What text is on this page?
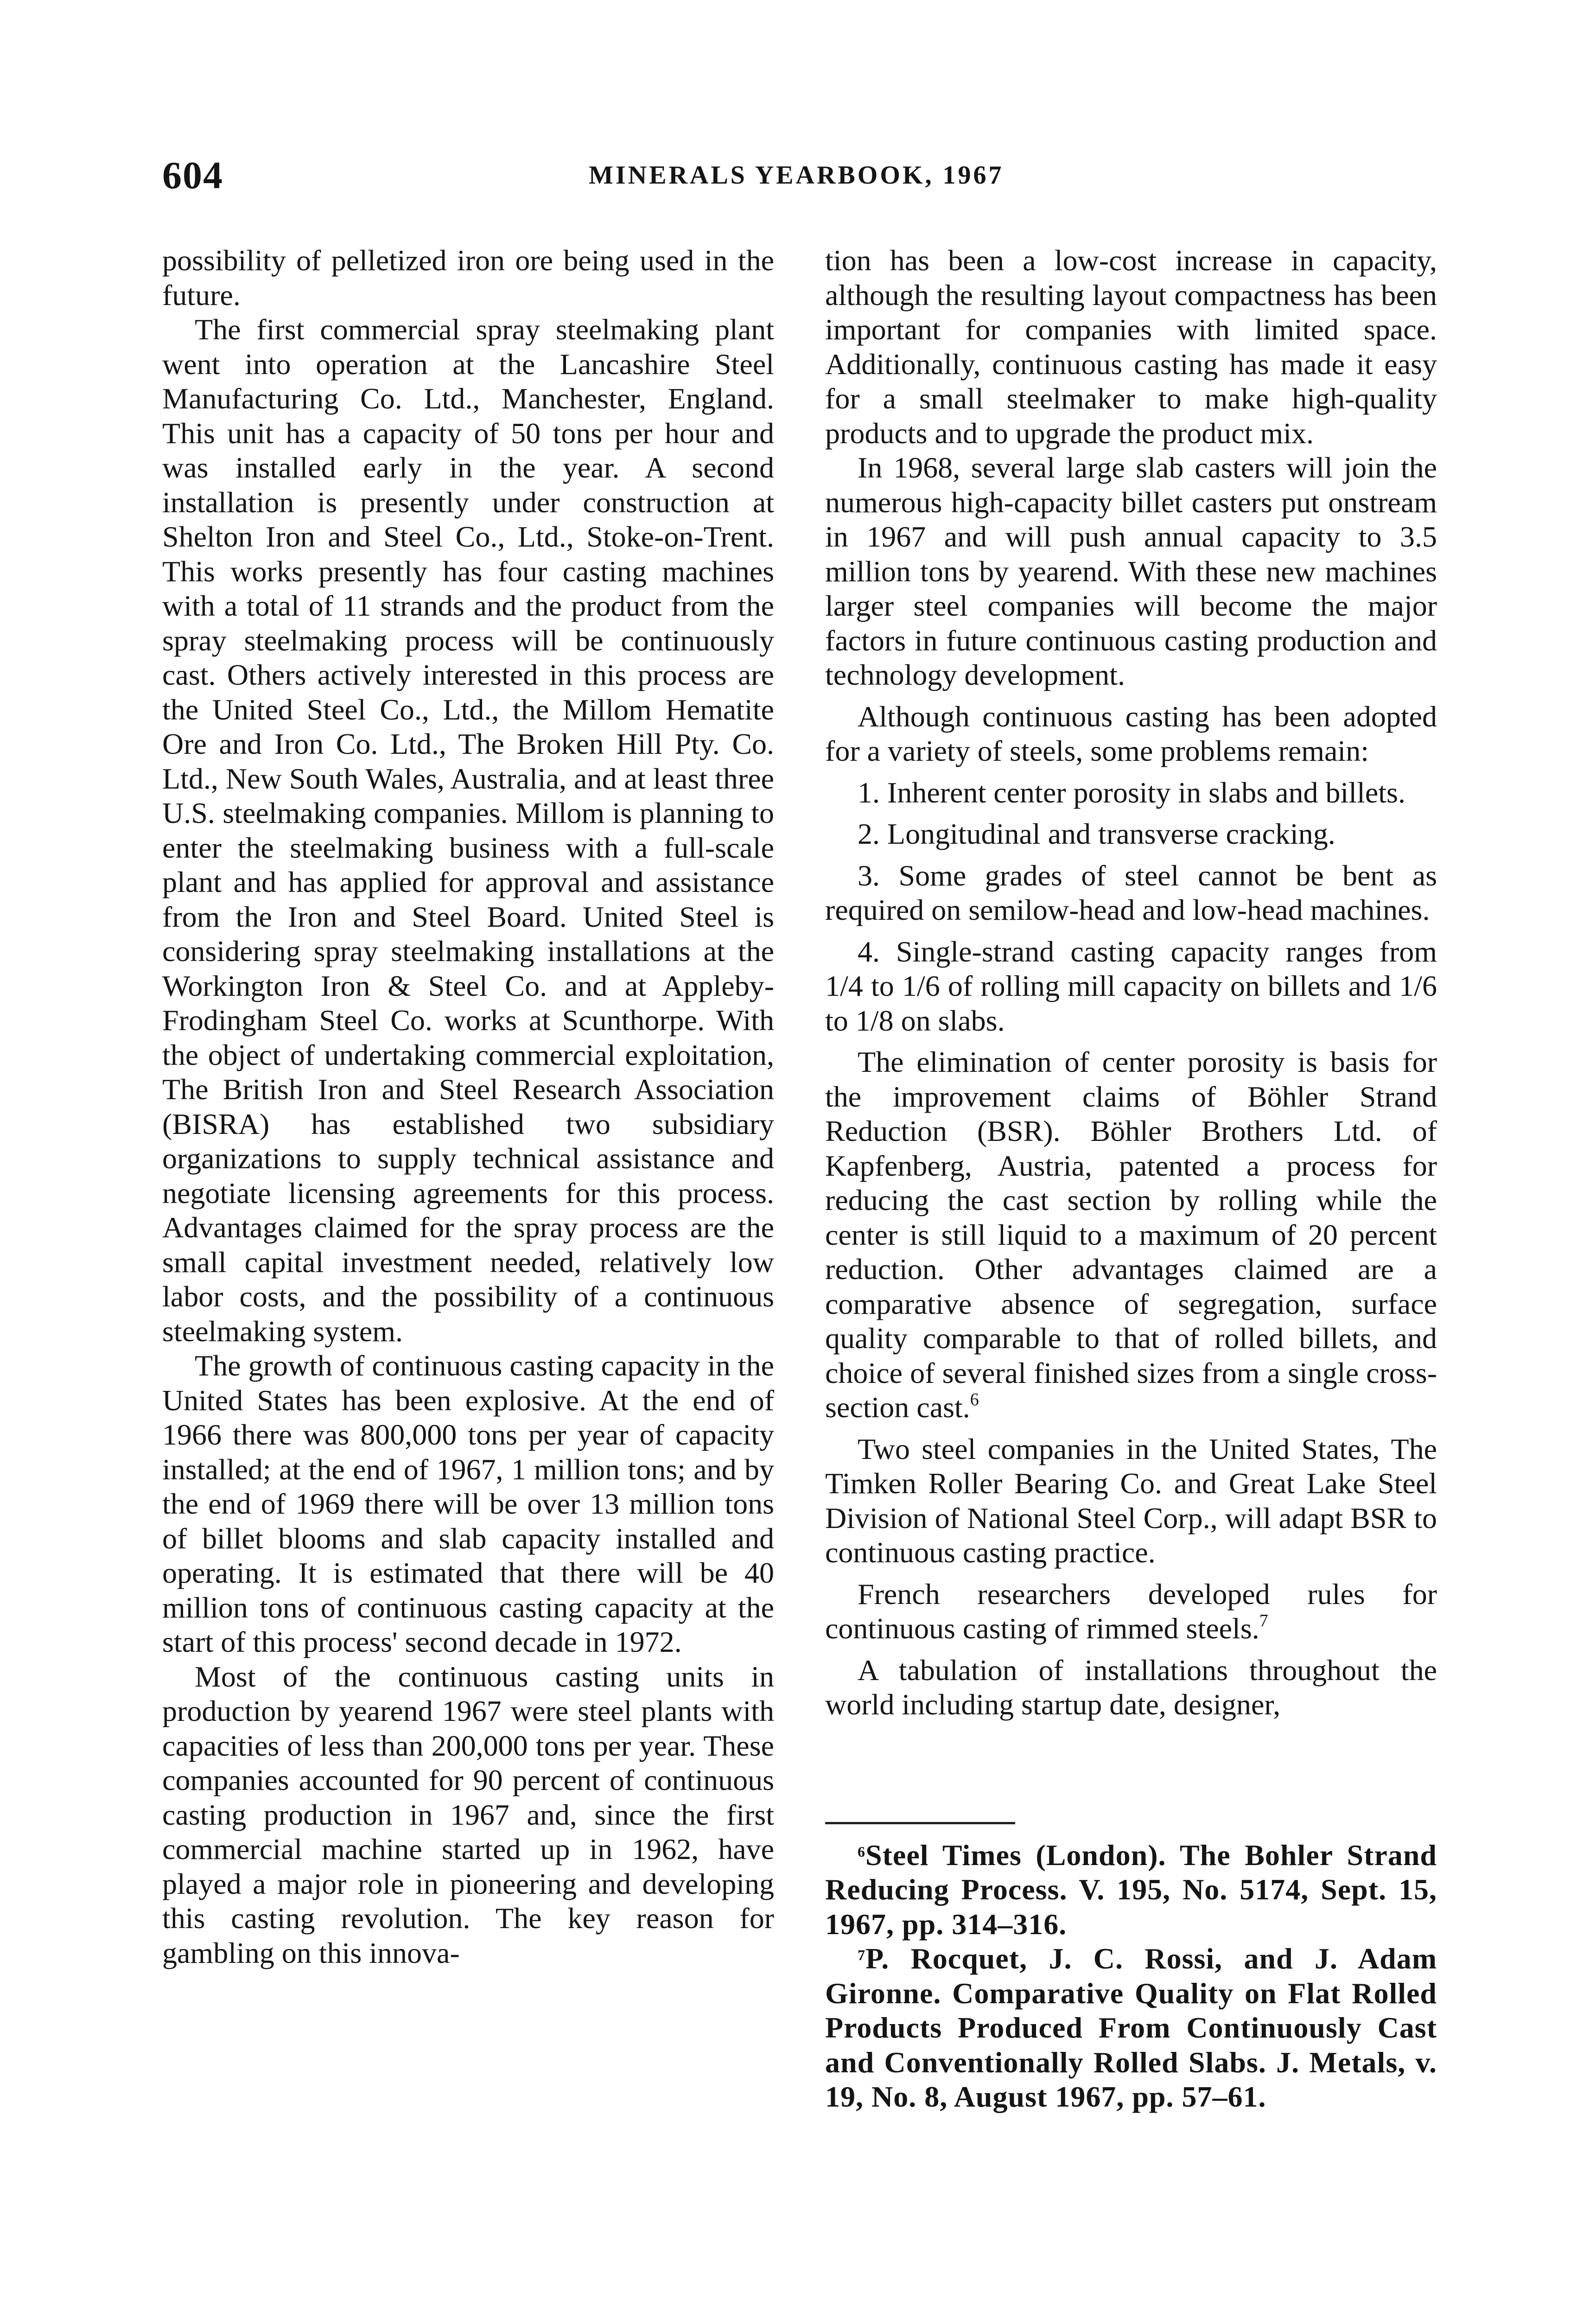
604	MINERALS YEARBOOK, 1967

possibility of pelletized iron ore being used in the future.

The first commercial spray steelmaking plant went into operation at the Lancashire Steel Manufacturing Co. Ltd., Manchester, England. This unit has a capacity of 50 tons per hour and was installed early in the year. A second installation is presently under construction at Shelton Iron and Steel Co., Ltd., Stoke-on-Trent. This works presently has four casting machines with a total of 11 strands and the product from the spray steelmaking process will be continuously cast. Others actively interested in this process are the United Steel Co., Ltd., the Millom Hematite Ore and Iron Co. Ltd., The Broken Hill Pty. Co. Ltd., New South Wales, Australia, and at least three U.S. steelmaking companies. Millom is planning to enter the steelmaking business with a full-scale plant and has applied for approval and assistance from the Iron and Steel Board. United Steel is considering spray steelmaking installations at the Workington Iron & Steel Co. and at Appleby-Frodingham Steel Co. works at Scunthorpe. With the object of undertaking commercial exploitation, The British Iron and Steel Research Association (BISRA) has established two subsidiary organizations to supply technical assistance and negotiate licensing agreements for this process. Advantages claimed for the spray process are the small capital investment needed, relatively low labor costs, and the possibility of a continuous steelmaking system.

The growth of continuous casting capacity in the United States has been explosive. At the end of 1966 there was 800,000 tons per year of capacity installed; at the end of 1967, 1 million tons; and by the end of 1969 there will be over 13 million tons of billet blooms and slab capacity installed and operating. It is estimated that there will be 40 million tons of continuous casting capacity at the start of this process' second decade in 1972.

Most of the continuous casting units in production by yearend 1967 were steel plants with capacities of less than 200,000 tons per year. These companies accounted for 90 percent of continuous casting production in 1967 and, since the first commercial machine started up in 1962, have played a major role in pioneering and developing this casting revolution. The key reason for gambling on this innova-

tion has been a low-cost increase in capacity, although the resulting layout compactness has been important for companies with limited space. Additionally, continuous casting has made it easy for a small steelmaker to make high-quality products and to upgrade the product mix.

In 1968, several large slab casters will join the numerous high-capacity billet casters put onstream in 1967 and will push annual capacity to 3.5 million tons by yearend. With these new machines larger steel companies will become the major factors in future continuous casting production and technology development.

Although continuous casting has been adopted for a variety of steels, some problems remain:

1. Inherent center porosity in slabs and billets.

2. Longitudinal and transverse cracking.

3. Some grades of steel cannot be bent as required on semilow-head and low-head machines.

4. Single-strand casting capacity ranges from 1/4 to 1/6 of rolling mill capacity on billets and 1/6 to 1/8 on slabs.

The elimination of center porosity is basis for the improvement claims of Böhler Strand Reduction (BSR). Böhler Brothers Ltd. of Kapfenberg, Austria, patented a process for reducing the cast section by rolling while the center is still liquid to a maximum of 20 percent reduction. Other advantages claimed are a comparative absence of segregation, surface quality comparable to that of rolled billets, and choice of several finished sizes from a single cross-section cast.$^6$

Two steel companies in the United States, The Timken Roller Bearing Co. and Great Lake Steel Division of National Steel Corp., will adapt BSR to continuous casting practice.

French researchers developed rules for continuous casting of rimmed steels.$^7$

A tabulation of installations throughout the world including startup date, designer,

$^6$Steel Times (London). The Bohler Strand Reducing Process. V. 195, No. 5174, Sept. 15, 1967, pp. 314–316.

$^7$P. Rocquet, J. C. Rossi, and J. Adam Gironne. Comparative Quality on Flat Rolled Products Produced From Continuously Cast and Conventionally Rolled Slabs. J. Metals, v. 19, No. 8, August 1967, pp. 57–61.
